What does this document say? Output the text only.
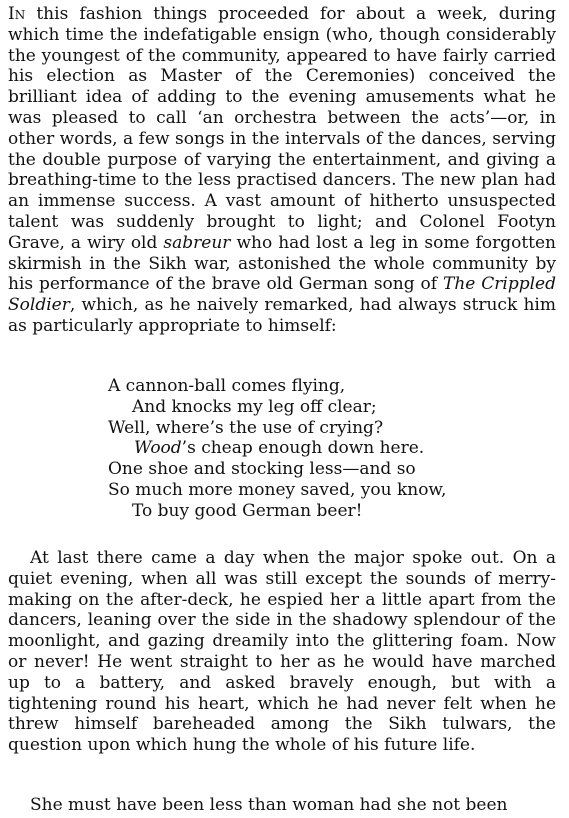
In this fashion things proceeded for about a week, during which time the indefatigable ensign (who, though considerably the youngest of the community, appeared to have fairly carried his election as Master of the Ceremonies) conceived the brilliant idea of adding to the evening amusements what he was pleased to call ‘an orchestra between the acts’—or, in other words, a few songs in the intervals of the dances, serving the double purpose of varying the entertainment, and giving a breathing-time to the less practised dancers. The new plan had an immense success. A vast amount of hitherto unsuspected talent was suddenly brought to light; and Colonel Footyn Grave, a wiry old sabreur who had lost a leg in some forgotten skirmish in the Sikh war, astonished the whole community by his performance of the brave old German song of The Crippled Soldier, which, as he naively remarked, had always struck him as particularly appropriate to himself:

A cannon-ball comes flying,
And knocks my leg off clear;
Well, where’s the use of crying?
Wood’s cheap enough down here.
One shoe and stocking less—and so
So much more money saved, you know,
To buy good German beer!

At last there came a day when the major spoke out. On a quiet evening, when all was still except the sounds of merry-making on the after-deck, he espied her a little apart from the dancers, leaning over the side in the shadowy splendour of the moonlight, and gazing dreamily into the glittering foam. Now or never! He went straight to her as he would have marched up to a battery, and asked bravely enough, but with a tightening round his heart, which he had never felt when he threw himself bareheaded among the Sikh tulwars, the question upon which hung the whole of his future life.

She must have been less than woman had she not been
